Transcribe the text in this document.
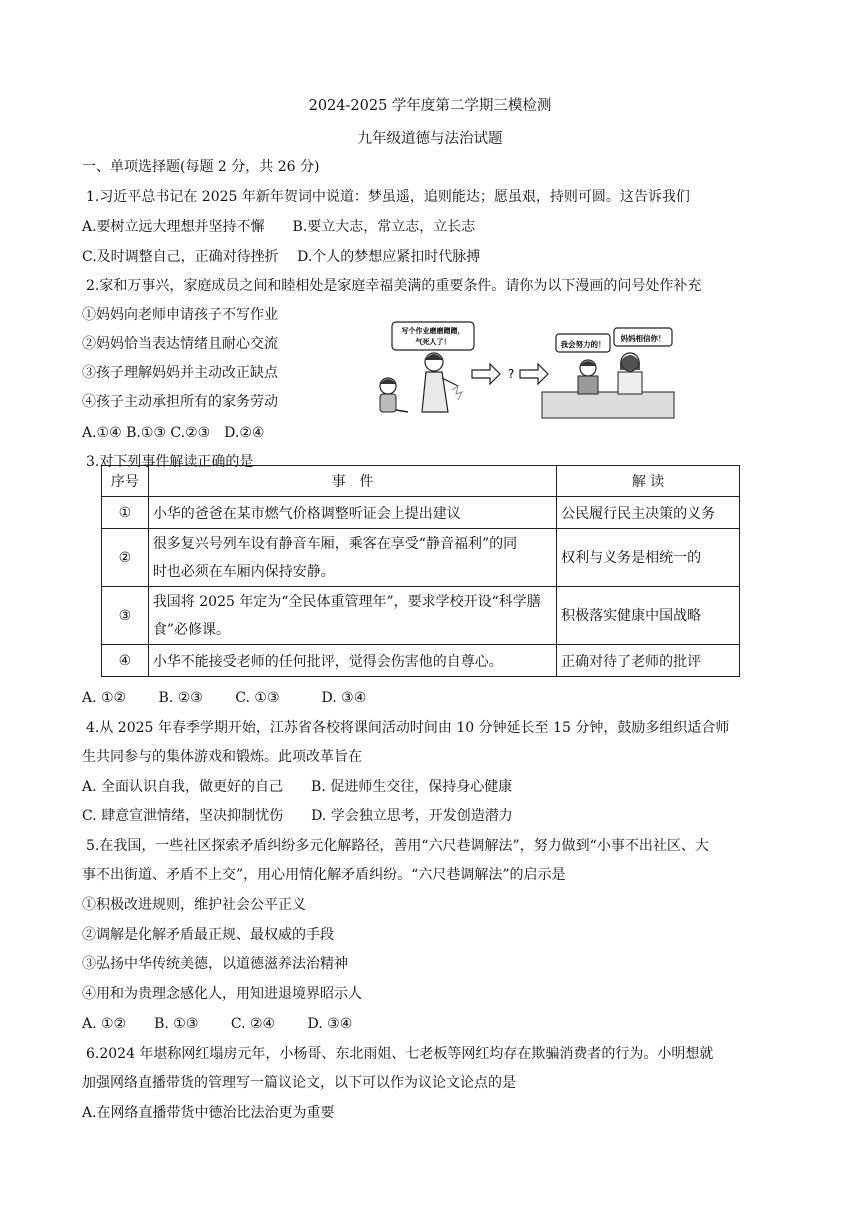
2024-2025 学年度第二学期三模检测
九年级道德与法治试题
一、单项选择题(每题 2 分，共 26 分)
1.习近平总书记在 2025 年新年贺词中说道：梦虽遥，追则能达；愿虽艰，持则可圆。这告诉我们
A.要树立远大理想并坚持不懈　　B.要立大志，常立志，立长志
C.及时调整自己，正确对待挫折　 D.个人的梦想应紧扣时代脉搏
2.家和万事兴，家庭成员之间和睦相处是家庭幸福美满的重要条件。请你为以下漫画的问号处作补充
①妈妈向老师申请孩子不写作业
②妈妈恰当表达情绪且耐心交流
③孩子理解妈妈并主动改正缺点
④孩子主动承担所有的家务劳动
A.①④ B.①③ C.②③　D.②④
写个作业磨磨蹭蹭，
气死人了！
?
我会努力的！
妈妈相信你！
3.对下列事件解读正确的是
序号	事　件	解 读
①	小华的爸爸在某市燃气价格调整听证会上提出建议	公民履行民主决策的义务
②	很多复兴号列车设有静音车厢，乘客在享受“静音福利”的同
时也必须在车厢内保持安静。	权利与义务是相统一的
③	我国将 2025 年定为“全民体重管理年”，要求学校开设“科学膳
食”必修课。	积极落实健康中国战略
④	小华不能接受老师的任何批评，觉得会伤害他的自尊心。	正确对待了老师的批评
A. ①②　　 B. ②③　　 C. ①③　　　D. ③④
4.从 2025 年春季学期开始，江苏省各校将课间活动时间由 10 分钟延长至 15 分钟，鼓励多组织适合师
生共同参与的集体游戏和锻炼。此项改革旨在
A. 全面认识自我，做更好的自己　　B. 促进师生交往，保持身心健康
C. 肆意宣泄情绪，坚决抑制忧伤　　D. 学会独立思考，开发创造潜力
5.在我国，一些社区探索矛盾纠纷多元化解路径，善用“六尺巷调解法”，努力做到“小事不出社区、大
事不出街道、矛盾不上交”，用心用情化解矛盾纠纷。“六尺巷调解法”的启示是
①积极改进规则，维护社会公平正义
②调解是化解矛盾最正规、最权威的手段
③弘扬中华传统美德，以道德滋养法治精神
④用和为贵理念感化人，用知进退境界昭示人
A. ①②　　B. ①③　　 C. ②④　　 D. ③④
6.2024 年堪称网红塌房元年，小杨哥、东北雨姐、七老板等网红均存在欺骗消费者的行为。小明想就
加强网络直播带货的管理写一篇议论文，以下可以作为议论文论点的是
A.在网络直播带货中德治比法治更为重要
